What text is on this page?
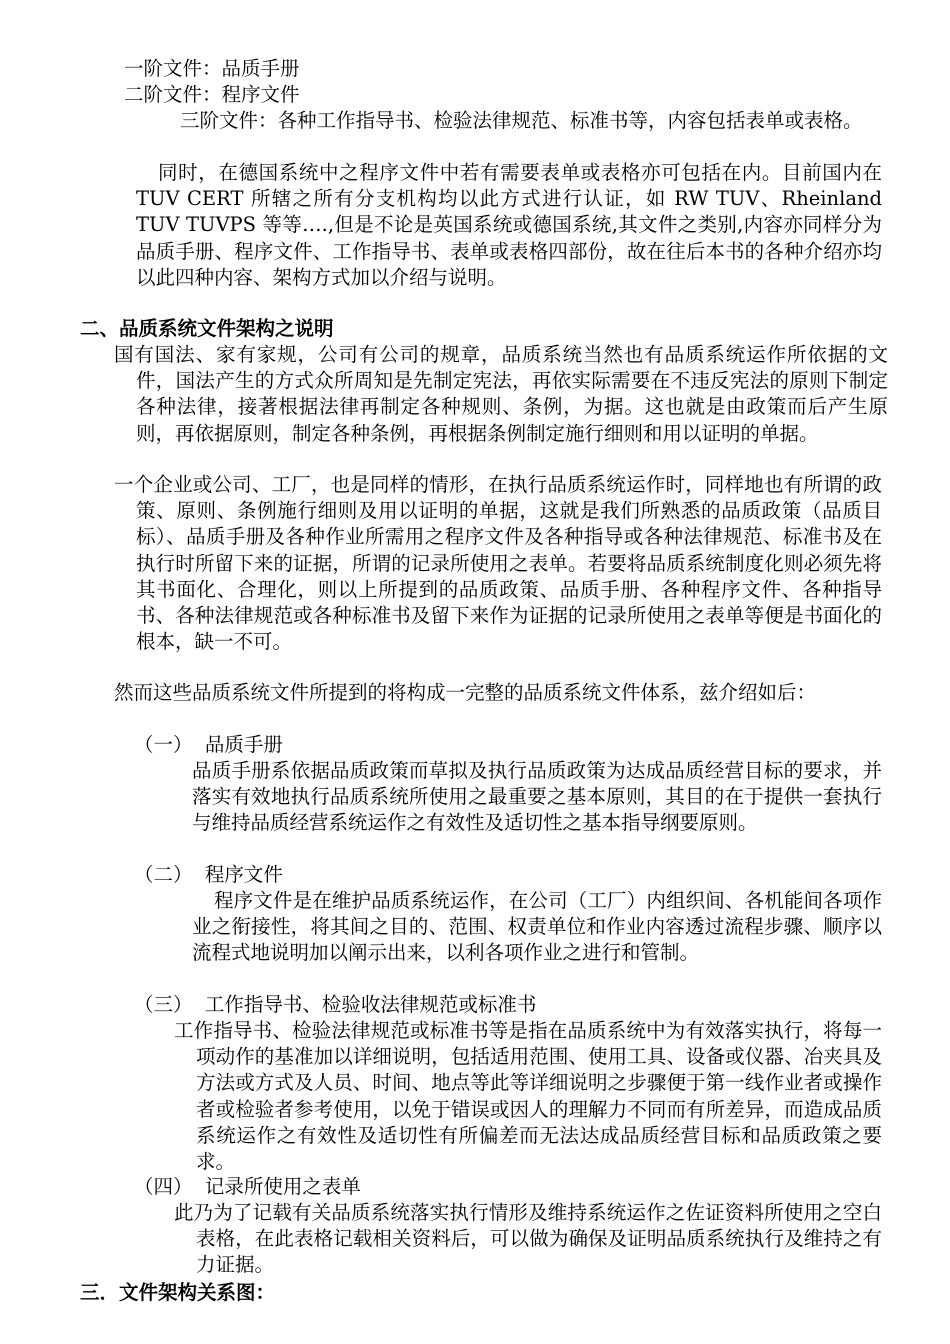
一阶文件：品质手册

二阶文件：程序文件

三阶文件：各种工作指导书、检验法律规范、标准书等，内容包括表单或表格。

同时，在德国系统中之程序文件中若有需要表单或表格亦可包括在内。目前国内在 TUV CERT 所辖之所有分支机构均以此方式进行认证，如 RW TUV、Rheinland TUV TUVPS 等等….,但是不论是英国系统或德国系统,其文件之类别,内容亦同样分为品质手册、程序文件、工作指导书、表单或表格四部份，故在往后本书的各种介绍亦均以此四种内容、架构方式加以介绍与说明。

二、品质系统文件架构之说明

国有国法、家有家规，公司有公司的规章，品质系统当然也有品质系统运作所依据的文件，国法产生的方式众所周知是先制定宪法，再依实际需要在不违反宪法的原则下制定各种法律，接著根据法律再制定各种规则、条例，为据。这也就是由政策而后产生原则，再依据原则，制定各种条例，再根据条例制定施行细则和用以证明的单据。

一个企业或公司、工厂，也是同样的情形，在执行品质系统运作时，同样地也有所谓的政策、原则、条例施行细则及用以证明的单据，这就是我们所熟悉的品质政策（品质目标）、品质手册及各种作业所需用之程序文件及各种指导或各种法律规范、标准书及在执行时所留下来的证据，所谓的记录所使用之表单。若要将品质系统制度化则必须先将其书面化、合理化，则以上所提到的品质政策、品质手册、各种程序文件、各种指导书、各种法律规范或各种标准书及留下来作为证据的记录所使用之表单等便是书面化的根本，缺一不可。

然而这些品质系统文件所提到的将构成一完整的品质系统文件体系，兹介绍如后：

（一）  品质手册

品质手册系依据品质政策而草拟及执行品质政策为达成品质经营目标的要求，并落实有效地执行品质系统所使用之最重要之基本原则，其目的在于提供一套执行与维持品质经营系统运作之有效性及适切性之基本指导纲要原则。

（二）  程序文件

程序文件是在维护品质系统运作，在公司（工厂）内组织间、各机能间各项作业之衔接性，将其间之目的、范围、权责单位和作业内容透过流程步骤、顺序以流程式地说明加以阐示出来，以利各项作业之进行和管制。

（三）  工作指导书、检验收法律规范或标准书

工作指导书、检验法律规范或标准书等是指在品质系统中为有效落实执行，将每一项动作的基准加以详细说明，包括适用范围、使用工具、设备或仪器、冶夹具及方法或方式及人员、时间、地点等此等详细说明之步骤便于第一线作业者或操作者或检验者参考使用，以免于错误或因人的理解力不同而有所差异，而造成品质系统运作之有效性及适切性有所偏差而无法达成品质经营目标和品质政策之要求。

（四）  记录所使用之表单

此乃为了记载有关品质系统落实执行情形及维持系统运作之佐证资料所使用之空白表格，在此表格记载相关资料后，可以做为确保及证明品质系统执行及维持之有力证据。

三．文件架构关系图：
